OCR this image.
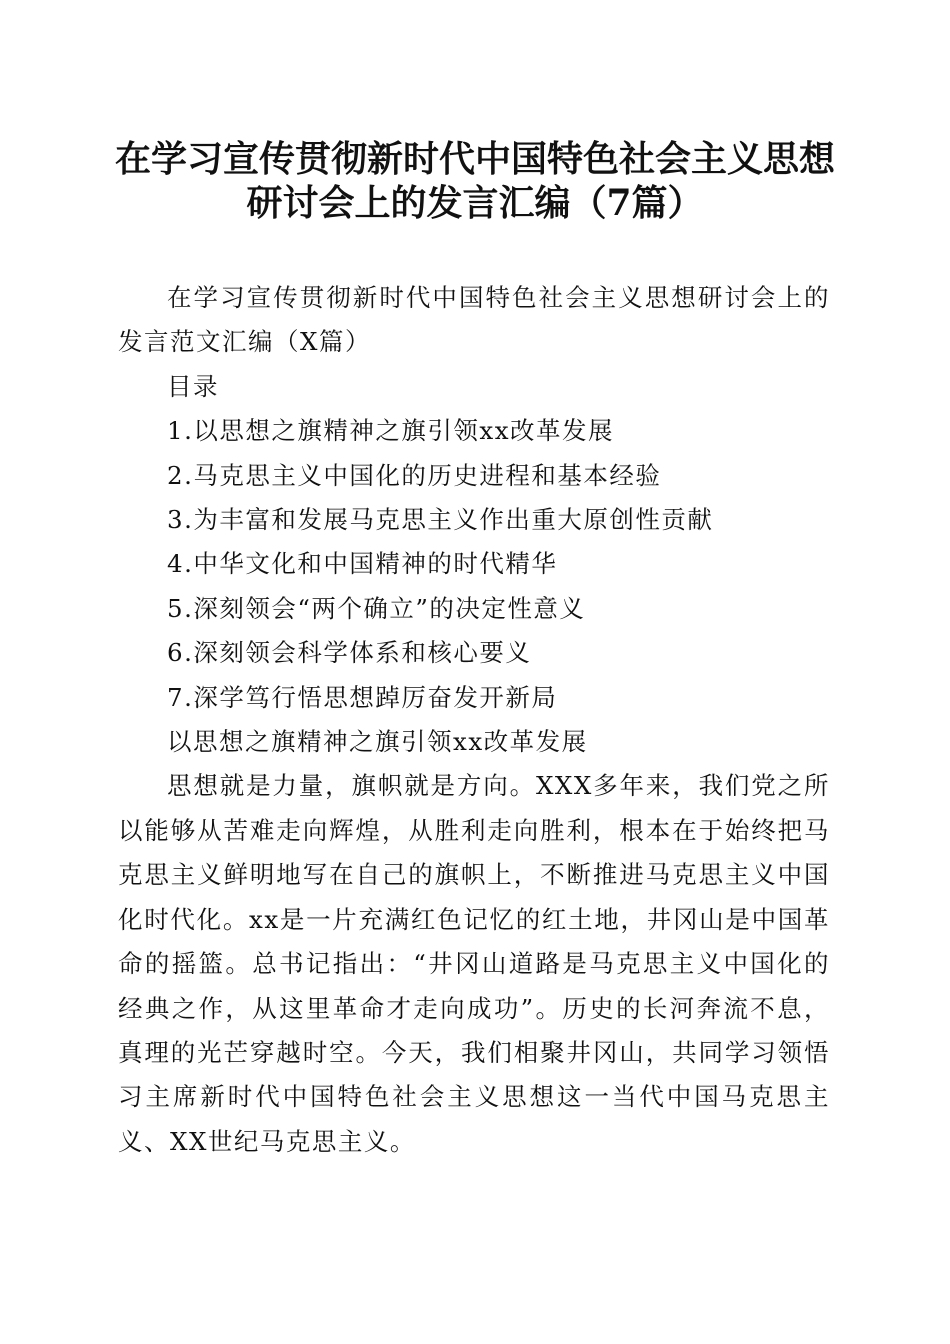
在学习宣传贯彻新时代中国特色社会主义思想
研讨会上的发言汇编（7篇）

在学习宣传贯彻新时代中国特色社会主义思想研讨会上的发言范文汇编（X篇）

目录

1.以思想之旗精神之旗引领xx改革发展

2.马克思主义中国化的历史进程和基本经验

3.为丰富和发展马克思主义作出重大原创性贡献

4.中华文化和中国精神的时代精华

5.深刻领会“两个确立”的决定性意义

6.深刻领会科学体系和核心要义

7.深学笃行悟思想踔厉奋发开新局

以思想之旗精神之旗引领xx改革发展

思想就是力量，旗帜就是方向。XXX多年来，我们党之所以能够从苦难走向辉煌，从胜利走向胜利，根本在于始终把马克思主义鲜明地写在自己的旗帜上，不断推进马克思主义中国化时代化。xx是一片充满红色记忆的红土地，井冈山是中国革命的摇篮。总书记指出：“井冈山道路是马克思主义中国化的经典之作，从这里革命才走向成功”。历史的长河奔流不息，真理的光芒穿越时空。今天，我们相聚井冈山，共同学习领悟习主席新时代中国特色社会主义思想这一当代中国马克思主义、XX世纪马克思主义。
